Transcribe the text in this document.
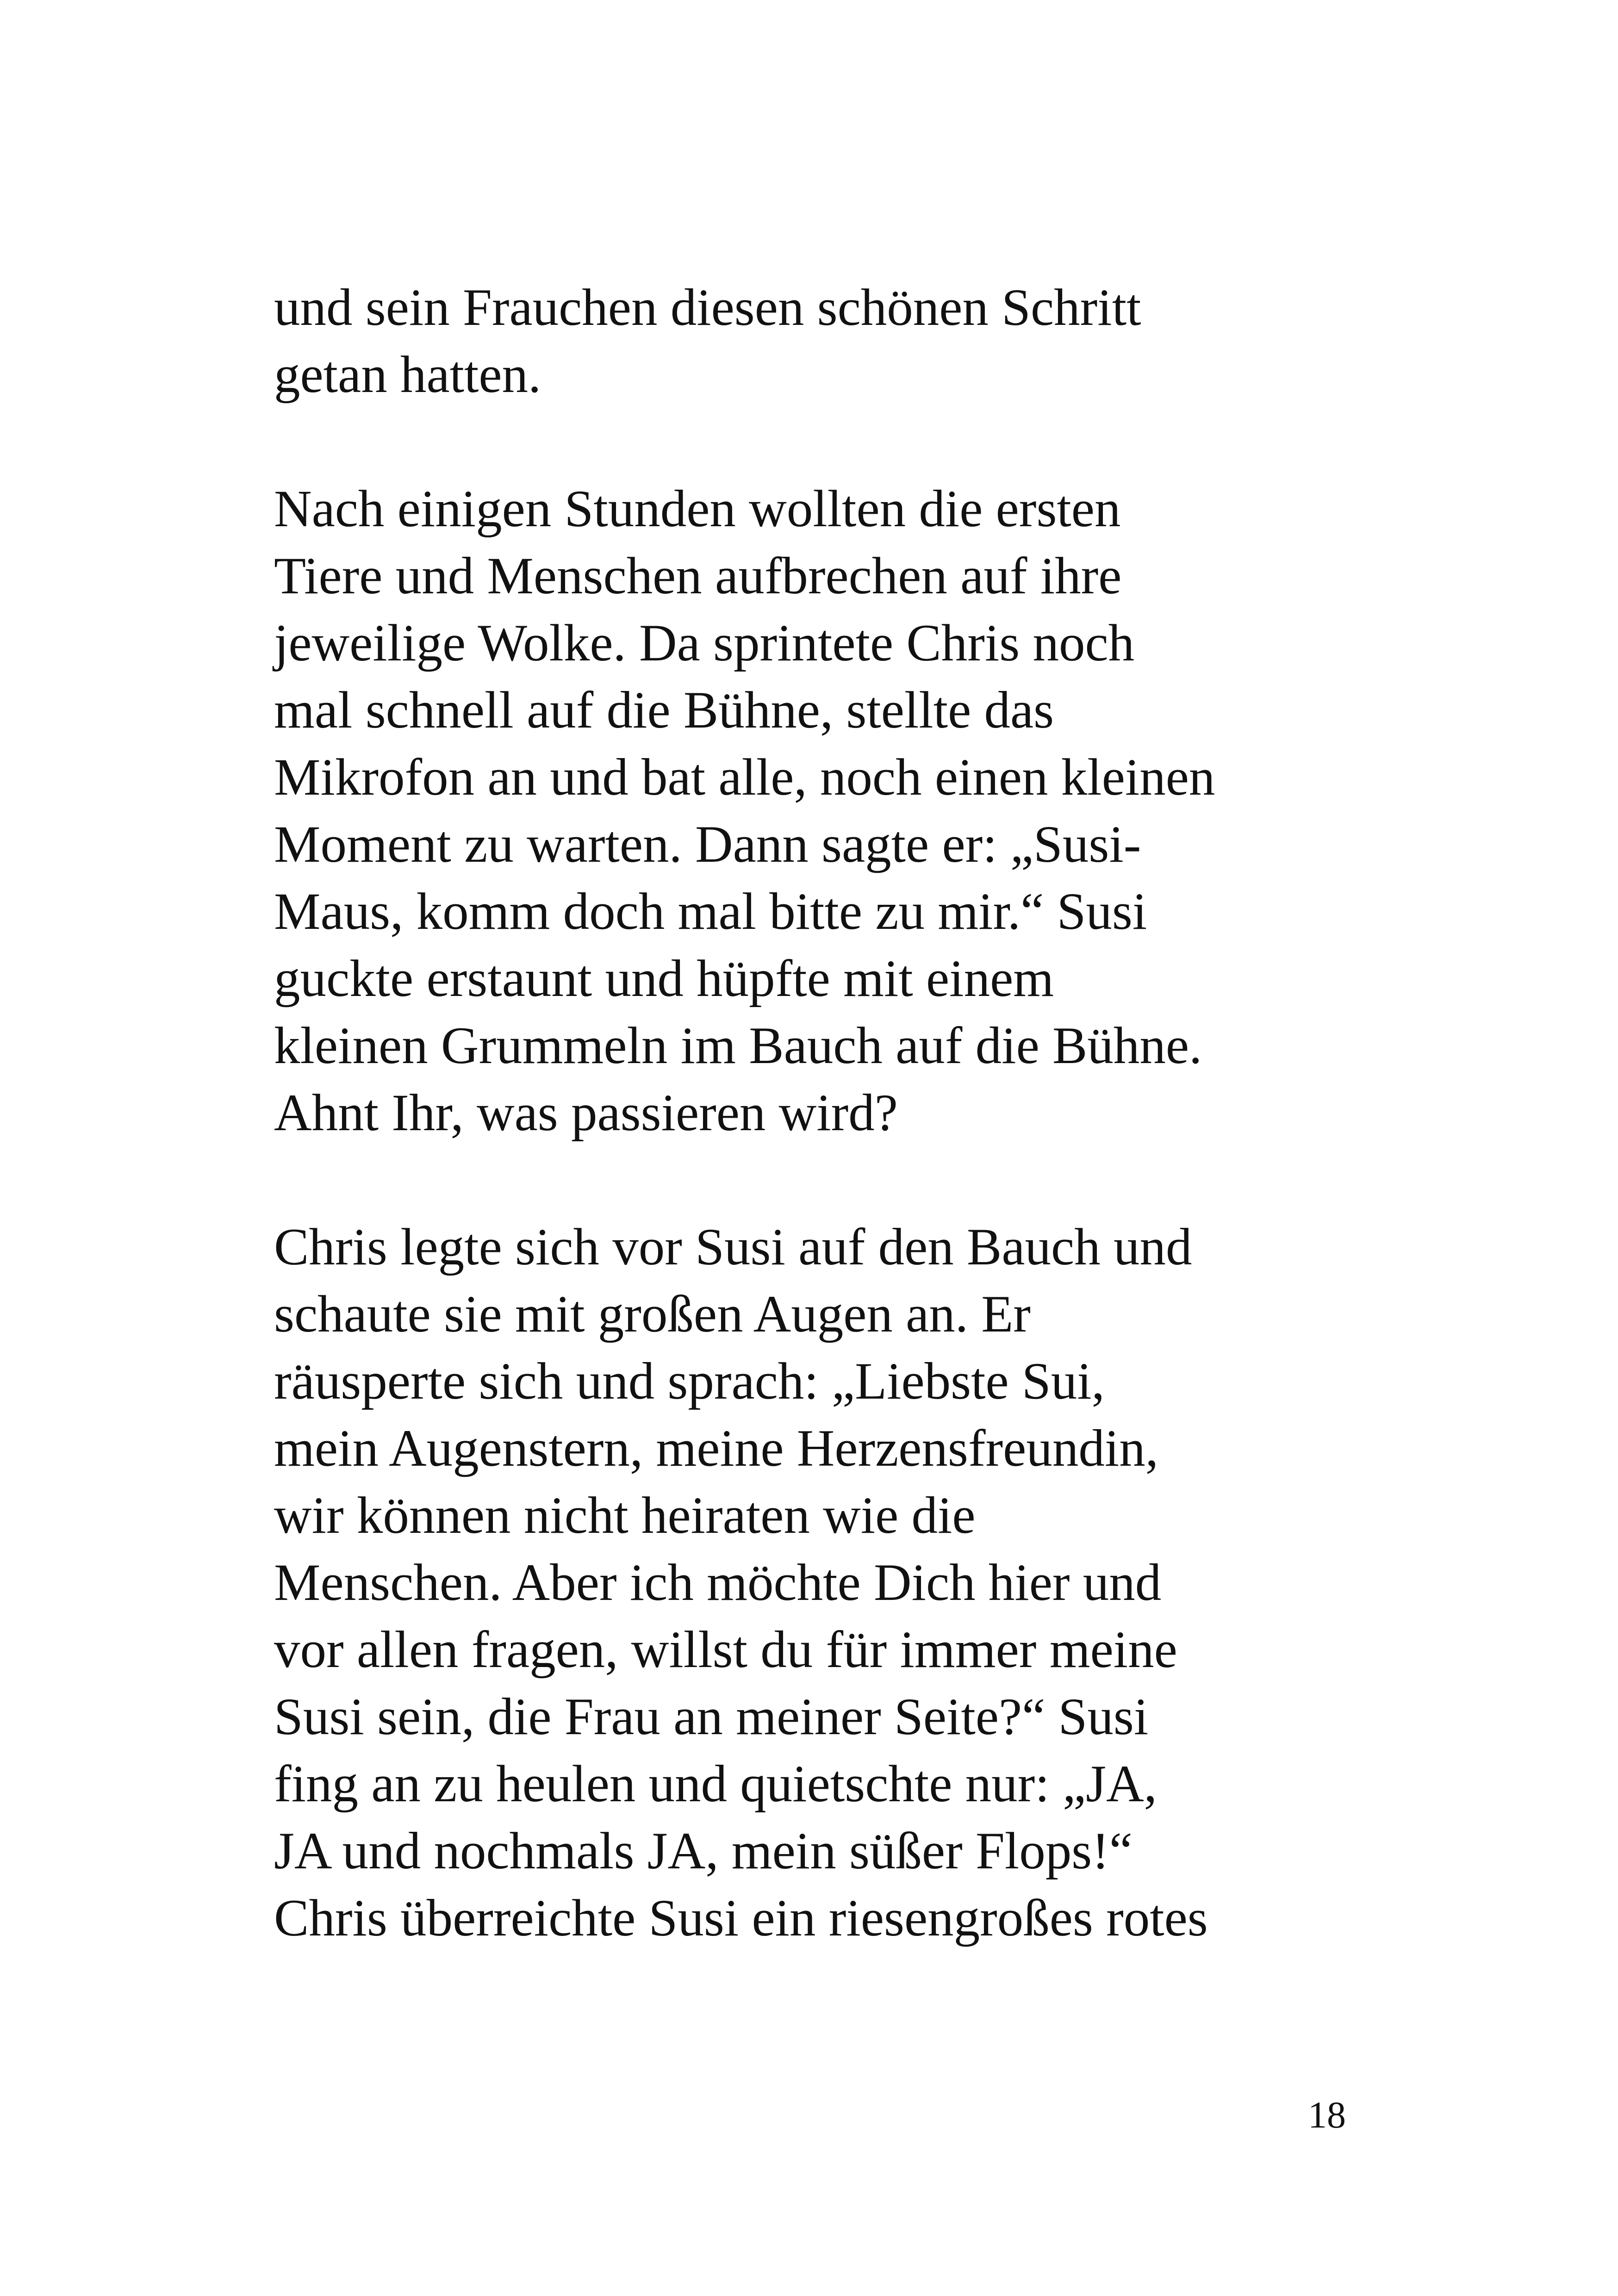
und sein Frauchen diesen schönen Schritt
getan hatten.
Nach einigen Stunden wollten die ersten
Tiere und Menschen aufbrechen auf ihre
jeweilige Wolke. Da sprintete Chris noch
mal schnell auf die Bühne, stellte das
Mikrofon an und bat alle, noch einen kleinen
Moment zu warten. Dann sagte er: „Susi-
Maus, komm doch mal bitte zu mir.“ Susi
guckte erstaunt und hüpfte mit einem
kleinen Grummeln im Bauch auf die Bühne.
Ahnt Ihr, was passieren wird?
Chris legte sich vor Susi auf den Bauch und
schaute sie mit großen Augen an. Er
räusperte sich und sprach: „Liebste Sui,
mein Augenstern, meine Herzensfreundin,
wir können nicht heiraten wie die
Menschen. Aber ich möchte Dich hier und
vor allen fragen, willst du für immer meine
Susi sein, die Frau an meiner Seite?“ Susi
fing an zu heulen und quietschte nur: „JA,
JA und nochmals JA, mein süßer Flops!“
Chris überreichte Susi ein riesengroßes rotes
18
